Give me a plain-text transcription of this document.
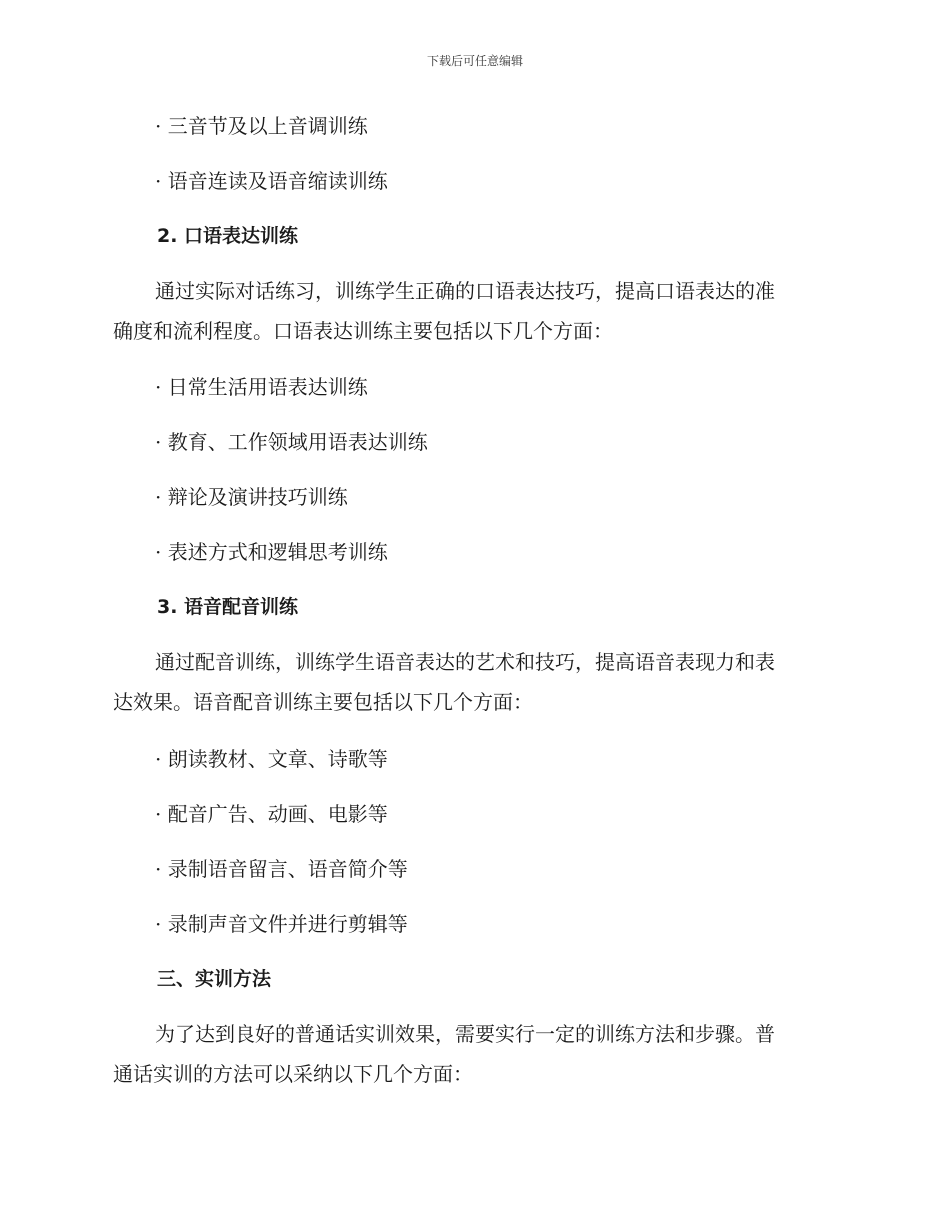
下载后可任意编辑
· 三音节及以上音调训练
· 语音连读及语音缩读训练
2. 口语表达训练
通过实际对话练习，训练学生正确的口语表达技巧，提高口语表达的准
确度和流利程度。口语表达训练主要包括以下几个方面：
· 日常生活用语表达训练
· 教育、工作领域用语表达训练
· 辩论及演讲技巧训练
· 表述方式和逻辑思考训练
3. 语音配音训练
通过配音训练，训练学生语音表达的艺术和技巧，提高语音表现力和表
达效果。语音配音训练主要包括以下几个方面：
· 朗读教材、文章、诗歌等
· 配音广告、动画、电影等
· 录制语音留言、语音简介等
· 录制声音文件并进行剪辑等
三、实训方法
为了达到良好的普通话实训效果，需要实行一定的训练方法和步骤。普
通话实训的方法可以采纳以下几个方面：
